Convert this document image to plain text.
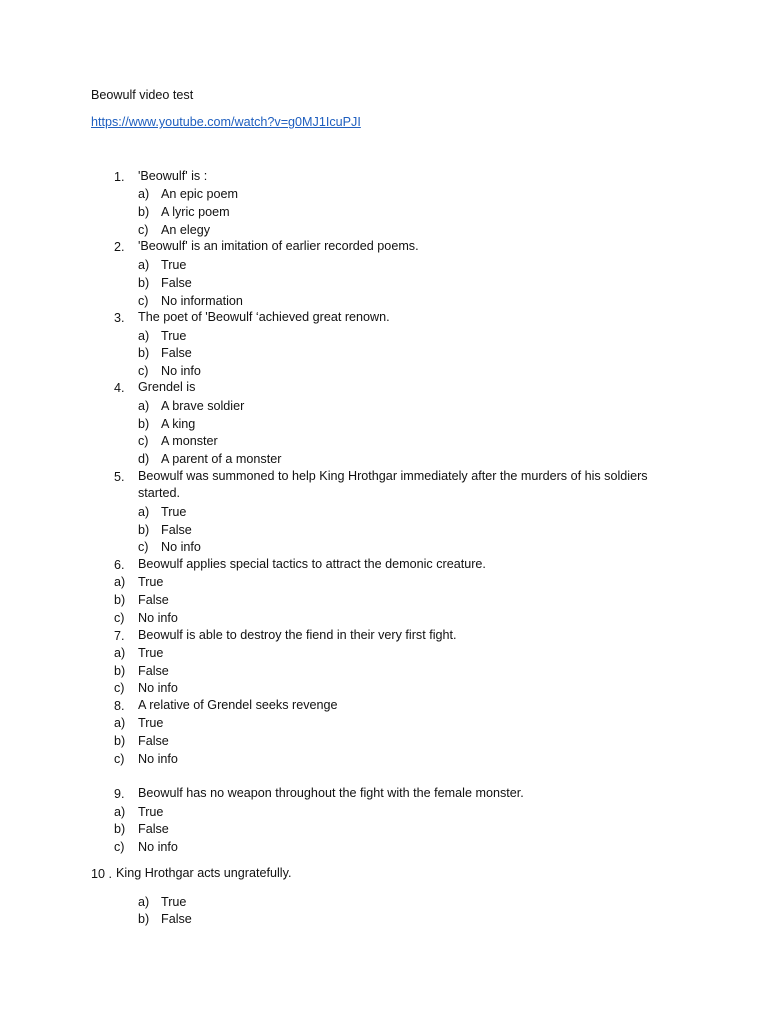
Beowulf video test
https://www.youtube.com/watch?v=g0MJ1IcuPJI
1. 'Beowulf' is :
a) An epic poem
b) A lyric poem
c) An elegy
2. 'Beowulf' is an imitation of earlier recorded poems.
a) True
b) False
c) No information
3. The poet of 'Beowulf ‘achieved great renown.
a) True
b) False
c) No info
4. Grendel is
a) A brave soldier
b) A king
c) A monster
d) A parent of a monster
5. Beowulf was summoned to help King Hrothgar immediately after the murders of his soldiers
started.
a) True
b) False
c) No info
6. Beowulf applies special tactics to attract the demonic creature.
a) True
b) False
c) No info
7. Beowulf is able to destroy the fiend in their very first fight.
a) True
b) False
c) No info
8. A relative of Grendel seeks revenge
a) True
b) False
c) No info
9. Beowulf has no weapon throughout the fight with the female monster.
a) True
b) False
c) No info
10 . King Hrothgar acts ungratefully.
a) True
b) False
